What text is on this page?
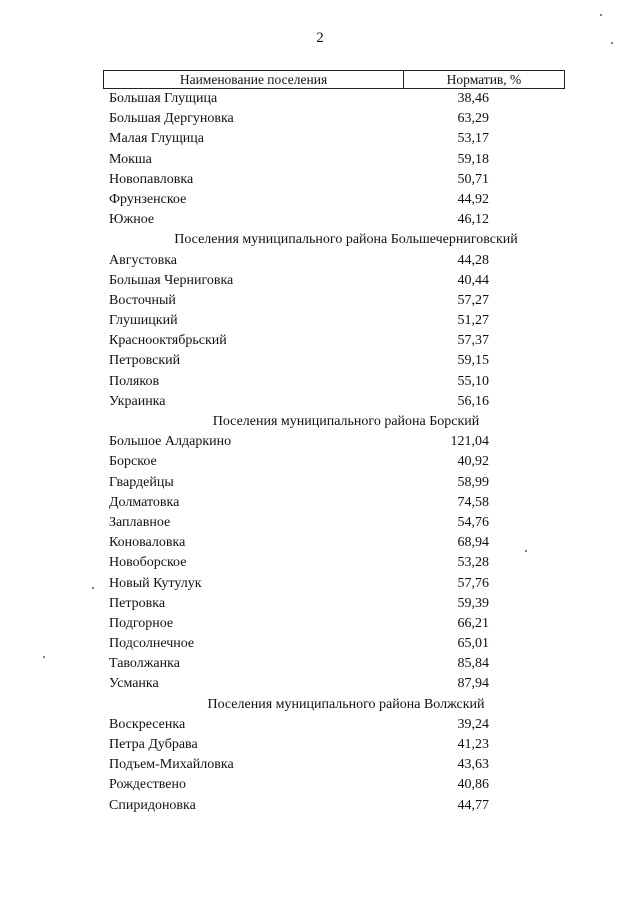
2
Наименование поселения	Норматив, %
Большая Глущица	38,46
Большая Дергуновка	63,29
Малая Глущица	53,17
Мокша	59,18
Новопавловка	50,71
Фрунзенское	44,92
Южное	46,12
Поселения муниципального района Большечерниговский
Августовка	44,28
Большая Черниговка	40,44
Восточный	57,27
Глушицкий	51,27
Краснооктябрьский	57,37
Петровский	59,15
Поляков	55,10
Украинка	56,16
Поселения муниципального района Борский
Большое Алдаркино	121,04
Борское	40,92
Гвардейцы	58,99
Долматовка	74,58
Заплавное	54,76
Коноваловка	68,94
Новоборское	53,28
Новый Кутулук	57,76
Петровка	59,39
Подгорное	66,21
Подсолнечное	65,01
Таволжанка	85,84
Усманка	87,94
Поселения муниципального района Волжский
Воскресенка	39,24
Петра Дубрава	41,23
Подъем-Михайловка	43,63
Рождествено	40,86
Спиридоновка	44,77
